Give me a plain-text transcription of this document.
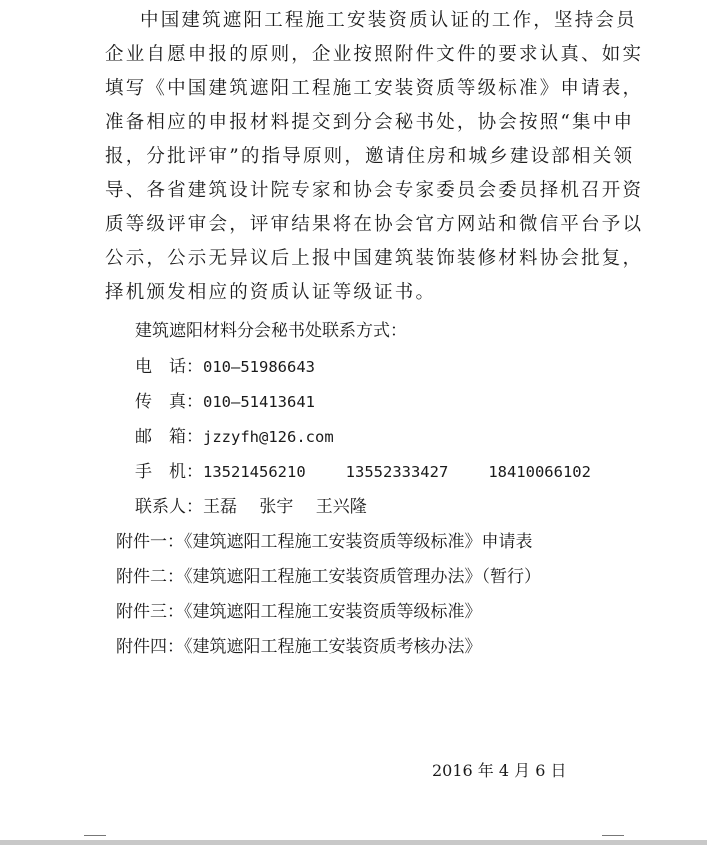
中国建筑遮阳工程施工安装资质认证的工作，坚持会员
企业自愿申报的原则，企业按照附件文件的要求认真、如实
填写《中国建筑遮阳工程施工安装资质等级标准》申请表，
准备相应的申报材料提交到分会秘书处，协会按照“集中申
报，分批评审”的指导原则，邀请住房和城乡建设部相关领
导、各省建筑设计院专家和协会专家委员会委员择机召开资
质等级评审会，评审结果将在协会官方网站和微信平台予以
公示，公示无异议后上报中国建筑装饰装修材料协会批复，
择机颁发相应的资质认证等级证书。
建筑遮阳材料分会秘书处联系方式：
电　话：010—51986643
传　真：010—51413641
邮　箱：jzzyfh@126.com
手　机：13521456210	13552333427	18410066102
联系人：王磊　 张宇　 王兴隆
附件一：《建筑遮阳工程施工安装资质等级标准》申请表
附件二：《建筑遮阳工程施工安装资质管理办法》（暂行）
附件三：《建筑遮阳工程施工安装资质等级标准》
附件四：《建筑遮阳工程施工安装资质考核办法》
2016 年 4 月 6 日
